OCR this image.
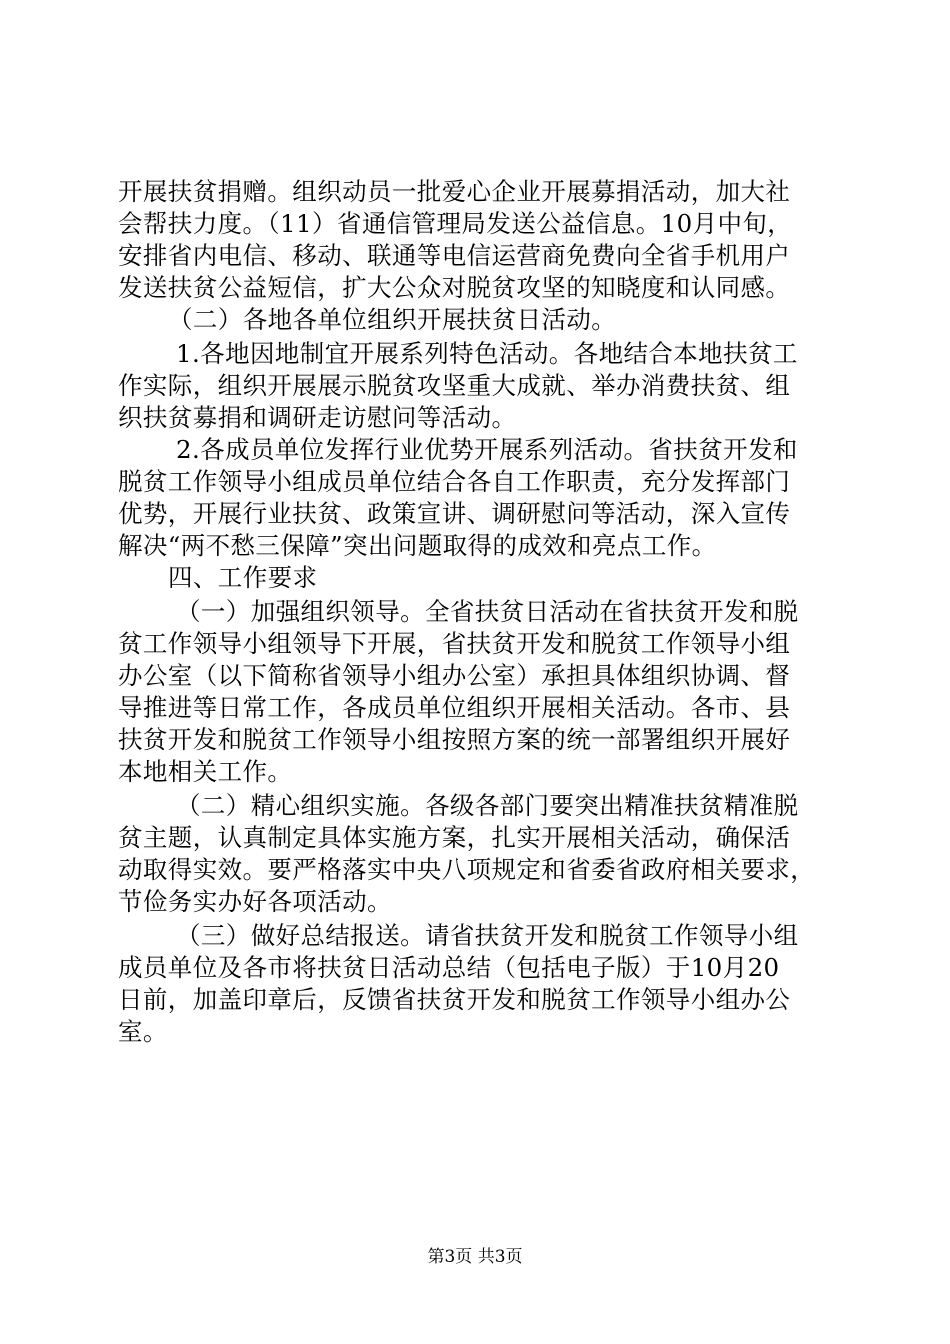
开展扶贫捐赠。组织动员一批爱心企业开展募捐活动，加大社
会帮扶力度。（11）省通信管理局发送公益信息。10月中旬，
安排省内电信、移动、联通等电信运营商免费向全省手机用户
发送扶贫公益短信，扩大公众对脱贫攻坚的知晓度和认同感。
（二）各地各单位组织开展扶贫日活动。
1.各地因地制宜开展系列特色活动。各地结合本地扶贫工
作实际，组织开展展示脱贫攻坚重大成就、举办消费扶贫、组
织扶贫募捐和调研走访慰问等活动。
2.各成员单位发挥行业优势开展系列活动。省扶贫开发和
脱贫工作领导小组成员单位结合各自工作职责，充分发挥部门
优势，开展行业扶贫、政策宣讲、调研慰问等活动，深入宣传
解决“两不愁三保障”突出问题取得的成效和亮点工作。
四、工作要求
（一）加强组织领导。全省扶贫日活动在省扶贫开发和脱
贫工作领导小组领导下开展，省扶贫开发和脱贫工作领导小组
办公室（以下简称省领导小组办公室）承担具体组织协调、督
导推进等日常工作，各成员单位组织开展相关活动。各市、县
扶贫开发和脱贫工作领导小组按照方案的统一部署组织开展好
本地相关工作。
（二）精心组织实施。各级各部门要突出精准扶贫精准脱
贫主题，认真制定具体实施方案，扎实开展相关活动，确保活
动取得实效。要严格落实中央八项规定和省委省政府相关要求，
节俭务实办好各项活动。
（三）做好总结报送。请省扶贫开发和脱贫工作领导小组
成员单位及各市将扶贫日活动总结（包括电子版）于10月20
日前，加盖印章后，反馈省扶贫开发和脱贫工作领导小组办公
室。
第3页 共3页
